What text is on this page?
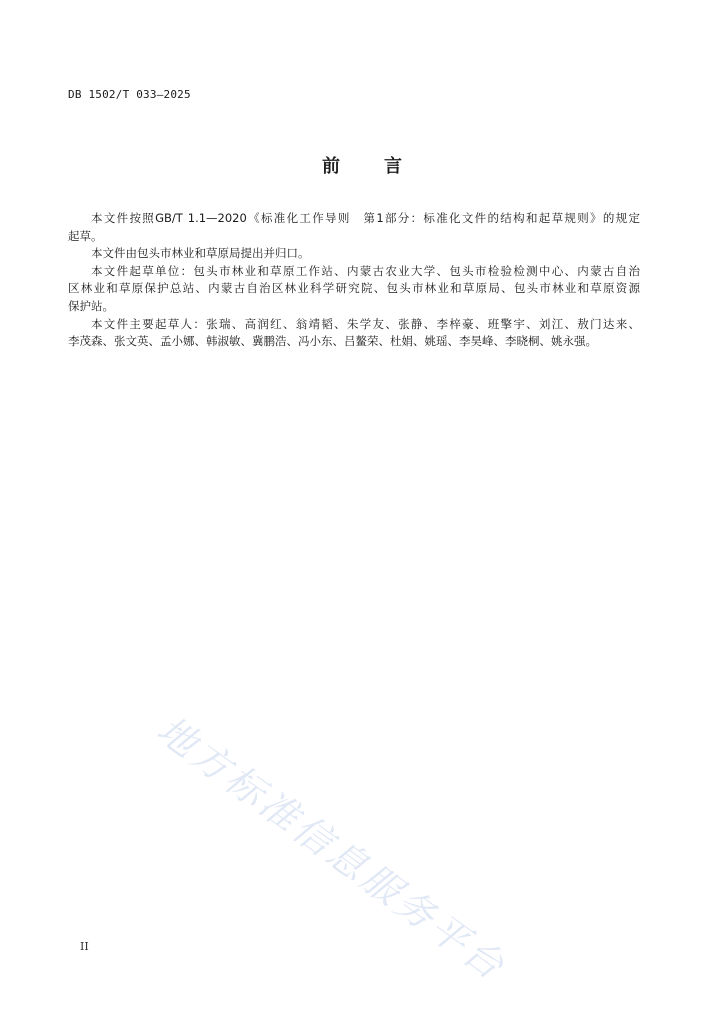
DB 1502/T 033—2025
前言
本文件按照GB/T 1.1—2020《标准化工作导则　第1部分：标准化文件的结构和起草规则》的规定
起草。
本文件由包头市林业和草原局提出并归口。
本文件起草单位：包头市林业和草原工作站、内蒙古农业大学、包头市检验检测中心、内蒙古自治
区林业和草原保护总站、内蒙古自治区林业科学研究院、包头市林业和草原局、包头市林业和草原资源
保护站。
本文件主要起草人：张瑞、高润红、翁靖韬、朱学友、张静、李梓豪、班擎宇、刘江、敖门达来、
李茂森、张文英、孟小娜、韩淑敏、冀鹏浩、冯小东、吕鳌荣、杜娟、姚瑶、李昊峰、李晓桐、姚永强。
地方标准信息服务平台
II
